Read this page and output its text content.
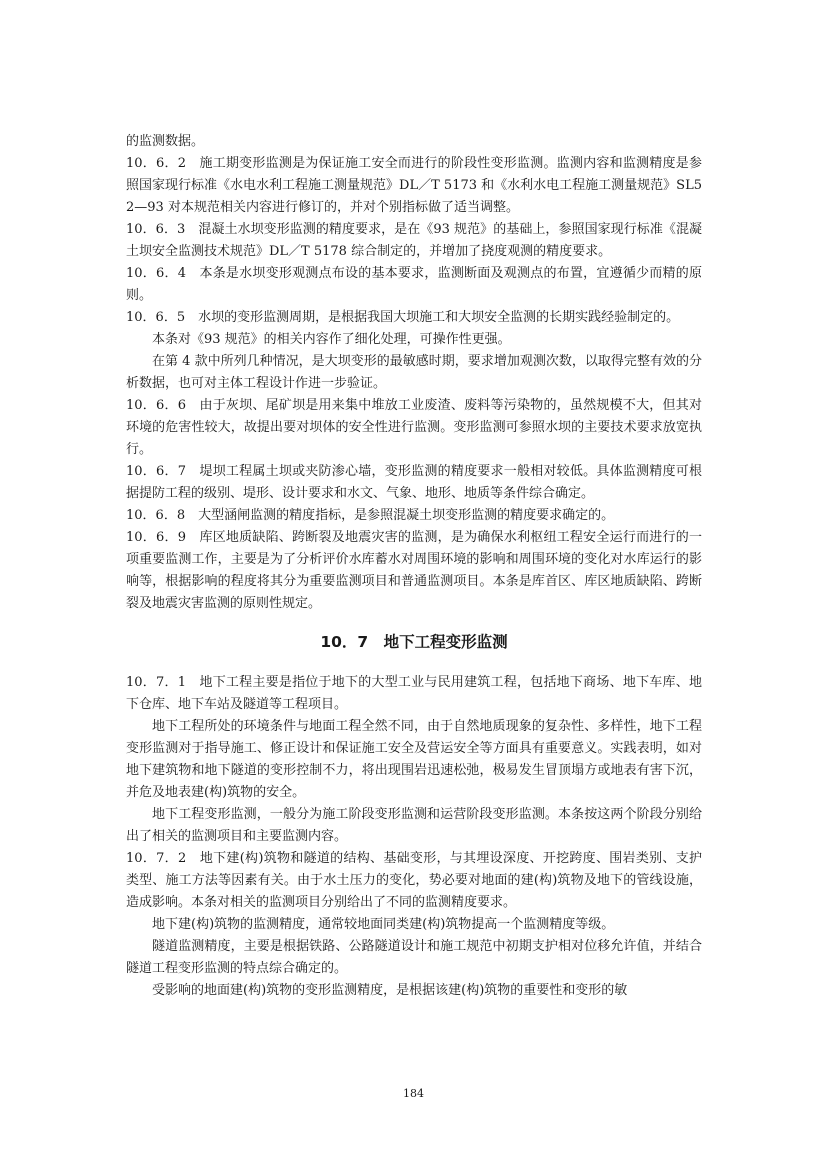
的监测数据。

10．6．2　施工期变形监测是为保证施工安全而进行的阶段性变形监测。监测内容和监测精度是参照国家现行标准《水电水利工程施工测量规范》DL／T 5173 和《水利水电工程施工测量规范》SL52—93 对本规范相关内容进行修订的，并对个别指标做了适当调整。

10．6．3　混凝土水坝变形监测的精度要求，是在《93 规范》的基础上，参照国家现行标准《混凝土坝安全监测技术规范》DL／T 5178 综合制定的，并增加了挠度观测的精度要求。

10．6．4　本条是水坝变形观测点布设的基本要求，监测断面及观测点的布置，宜遵循少而精的原则。

10．6．5　水坝的变形监测周期，是根据我国大坝施工和大坝安全监测的长期实践经验制定的。

本条对《93 规范》的相关内容作了细化处理，可操作性更强。

在第 4 款中所列几种情况，是大坝变形的最敏感时期，要求增加观测次数，以取得完整有效的分析数据，也可对主体工程设计作进一步验证。

10．6．6　由于灰坝、尾矿坝是用来集中堆放工业废渣、废料等污染物的，虽然规模不大，但其对环境的危害性较大，故提出要对坝体的安全性进行监测。变形监测可参照水坝的主要技术要求放宽执行。

10．6．7　堤坝工程属土坝或夹防渗心墙，变形监测的精度要求一般相对较低。具体监测精度可根据提防工程的级别、堤形、设计要求和水文、气象、地形、地质等条件综合确定。

10．6．8　大型涵闸监测的精度指标，是参照混凝土坝变形监测的精度要求确定的。

10．6．9　库区地质缺陷、跨断裂及地震灾害的监测，是为确保水利枢纽工程安全运行而进行的一项重要监测工作，主要是为了分析评价水库蓄水对周围环境的影响和周围环境的变化对水库运行的影响等，根据影响的程度将其分为重要监测项目和普通监测项目。本条是库首区、库区地质缺陷、跨断裂及地震灾害监测的原则性规定。

10．7　地下工程变形监测

10．7．1　地下工程主要是指位于地下的大型工业与民用建筑工程，包括地下商场、地下车库、地下仓库、地下车站及隧道等工程项目。

地下工程所处的环境条件与地面工程全然不同，由于自然地质现象的复杂性、多样性，地下工程变形监测对于指导施工、修正设计和保证施工安全及营运安全等方面具有重要意义。实践表明，如对地下建筑物和地下隧道的变形控制不力，将出现围岩迅速松弛，极易发生冒顶塌方或地表有害下沉，并危及地表建(构)筑物的安全。

地下工程变形监测，一般分为施工阶段变形监测和运营阶段变形监测。本条按这两个阶段分别给出了相关的监测项目和主要监测内容。

10．7．2　地下建(构)筑物和隧道的结构、基础变形，与其埋设深度、开挖跨度、围岩类别、支护类型、施工方法等因素有关。由于水土压力的变化，势必要对地面的建(构)筑物及地下的管线设施，造成影响。本条对相关的监测项目分别给出了不同的监测精度要求。

地下建(构)筑物的监测精度，通常较地面同类建(构)筑物提高一个监测精度等级。

隧道监测精度，主要是根据铁路、公路隧道设计和施工规范中初期支护相对位移允许值，并结合隧道工程变形监测的特点综合确定的。

受影响的地面建(构)筑物的变形监测精度，是根据该建(构)筑物的重要性和变形的敏

184
